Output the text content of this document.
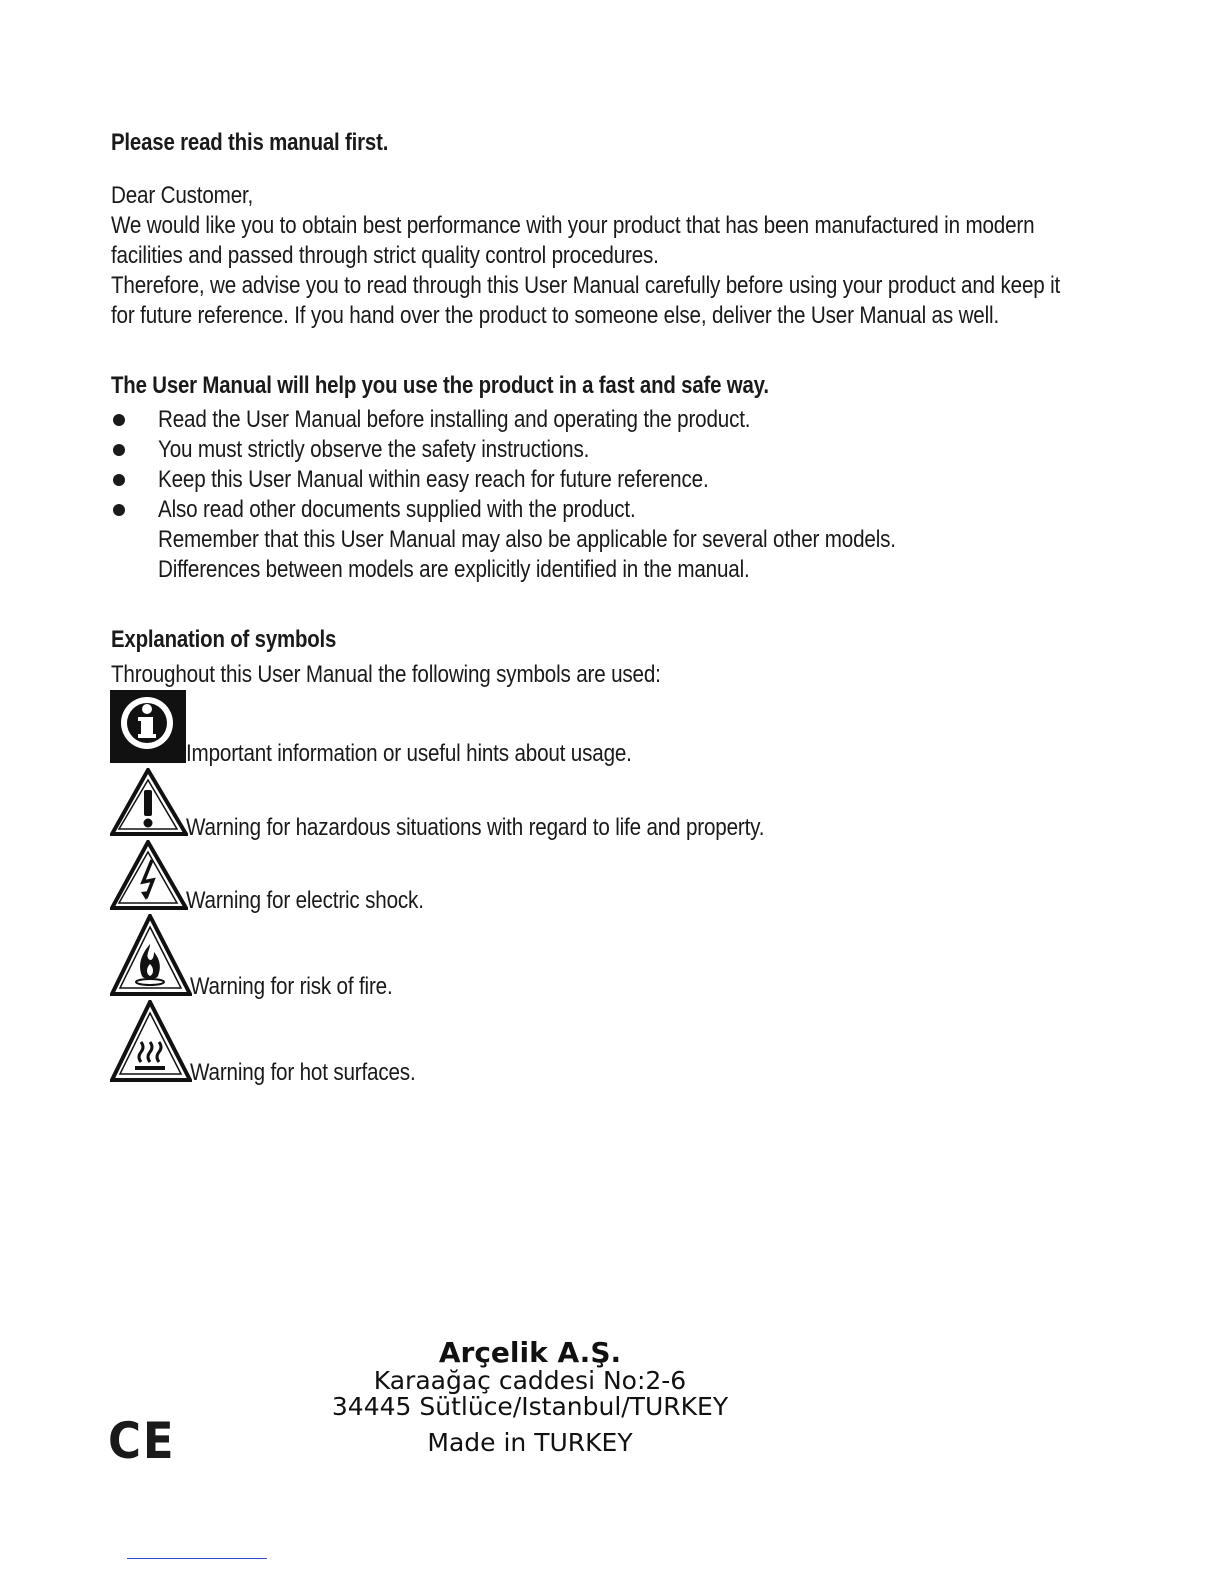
Please read this manual first.
Dear Customer,
We would like you to obtain best performance with your product that has been manufactured in modern
facilities and passed through strict quality control procedures.
Therefore, we advise you to read through this User Manual carefully before using your product and keep it
for future reference. If you hand over the product to someone else, deliver the User Manual as well.
The User Manual will help you use the product in a fast and safe way.
Read the User Manual before installing and operating the product.
You must strictly observe the safety instructions.
Keep this User Manual within easy reach for future reference.
Also read other documents supplied with the product.
Remember that this User Manual may also be applicable for several other models.
Differences between models are explicitly identified in the manual.
Explanation of symbols
Throughout this User Manual the following symbols are used:
Important information or useful hints about usage.
Warning for hazardous situations with regard to life and property.
Warning for electric shock.
Warning for risk of fire.
Warning for hot surfaces.
Arçelik A.Ş.
Karaağaç caddesi No:2-6
34445 Sütlüce/Istanbul/TURKEY
Made in TURKEY
CE
